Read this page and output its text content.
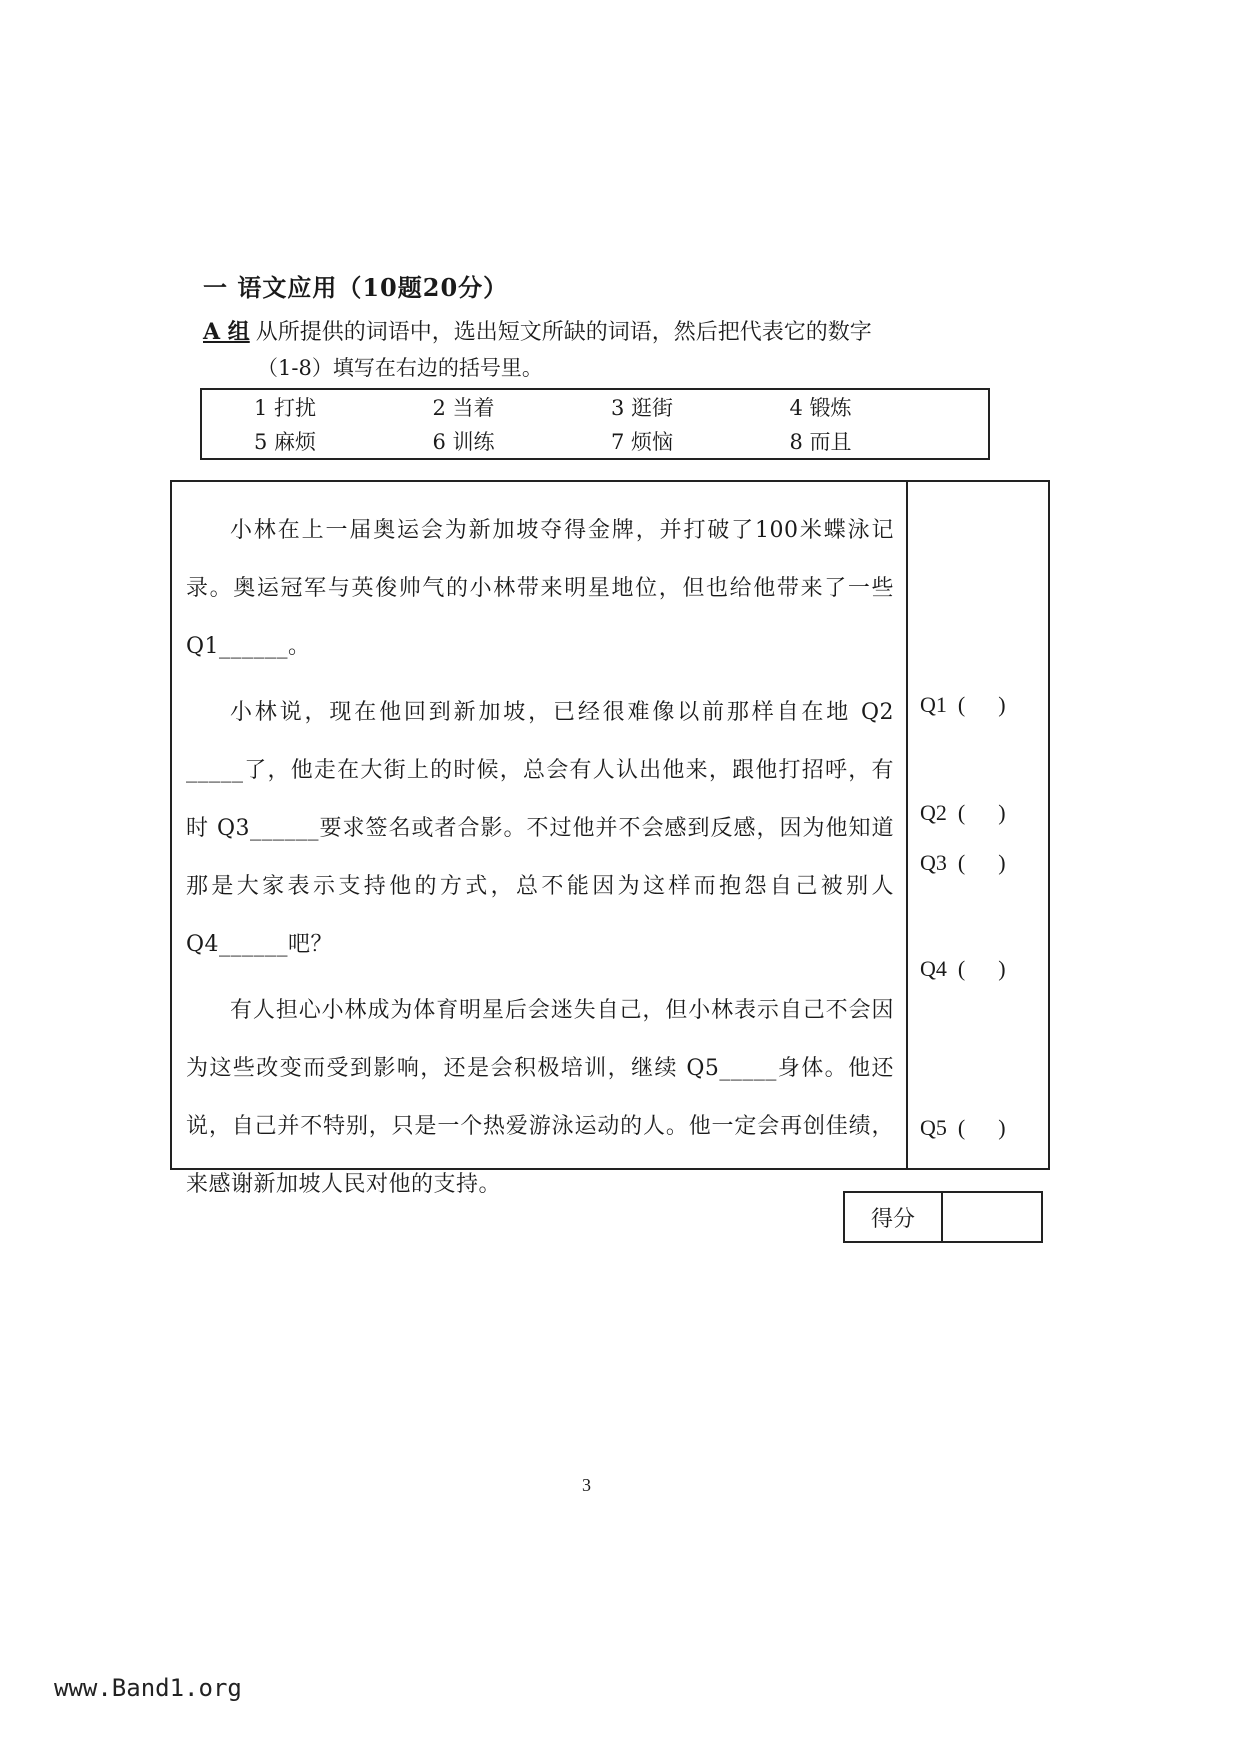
一 语文应用（10题20分）
A 组 从所提供的词语中，选出短文所缺的词语，然后把代表它的数字
（1-8）填写在右边的括号里。
1 打扰	2 当着	3 逛街	4 锻炼
5 麻烦	6 训练	7 烦恼	8 而且

小林在上一届奥运会为新加坡夺得金牌，并打破了100米蝶泳记录。奥运冠军与英俊帅气的小林带来明星地位，但也给他带来了一些 Q1______。

小林说，现在他回到新加坡，已经很难像以前那样自在地 Q2 _____了，他走在大街上的时候，总会有人认出他来，跟他打招呼，有时 Q3______要求签名或者合影。不过他并不会感到反感，因为他知道那是大家表示支持他的方式，总不能因为这样而抱怨自己被别人 Q4______吧？

有人担心小林成为体育明星后会迷失自己，但小林表示自己不会因为这些改变而受到影响，还是会积极培训，继续 Q5_____身体。他还说，自己并不特别，只是一个热爱游泳运动的人。他一定会再创佳绩，来感谢新加坡人民对他的支持。

Q1  (      )
Q2  (      )
Q3  (      )
Q4  (      )
Q5  (      )
得分
3
www.Band1.org
